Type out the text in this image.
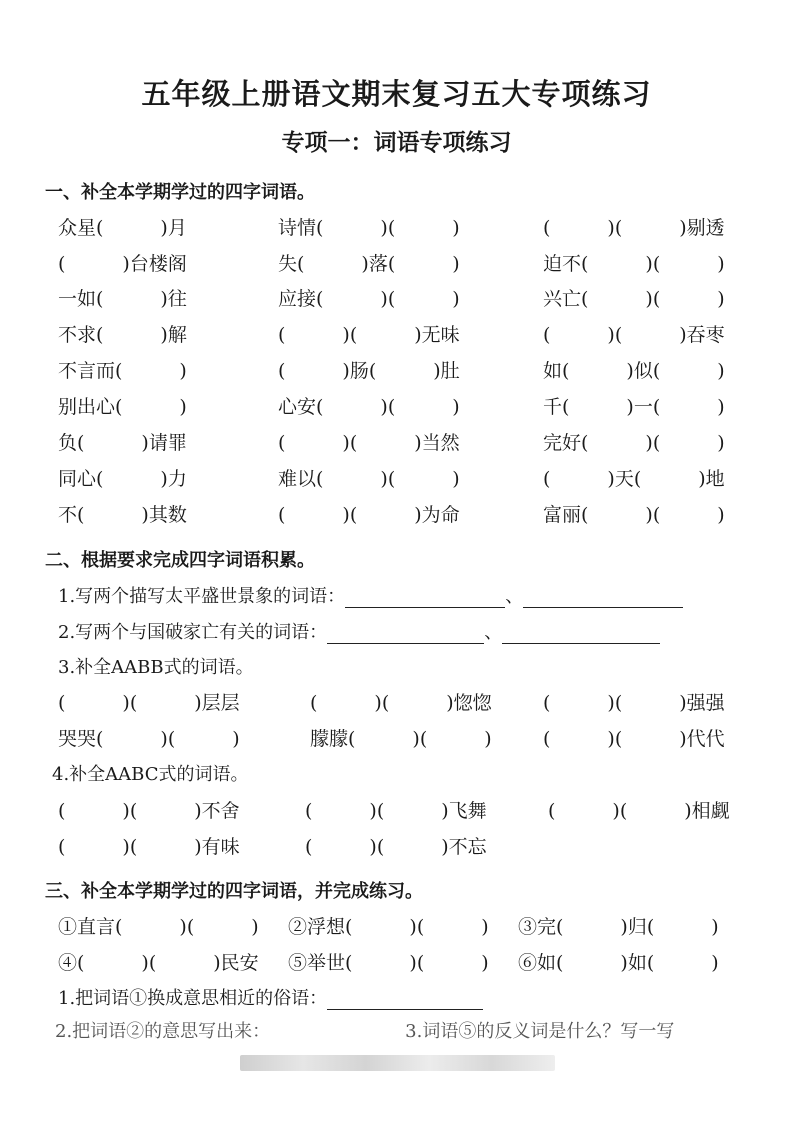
五年级上册语文期末复习五大专项练习
专项一：词语专项练习
一、补全本学期学过的四字词语。
众星(　　　)月	诗情(　　　)(　　　)	(　　　)(　　　)剔透
(　　　)台楼阁	失(　　　)落(　　　)	迫不(　　　)(　　　)
一如(　　　)往	应接(　　　)(　　　)	兴亡(　　　)(　　　)
不求(　　　)解	(　　　)(　　　)无味	(　　　)(　　　)吞枣
不言而(　　　)	(　　　)肠(　　　)肚	如(　　　)似(　　　)
别出心(　　　)	心安(　　　)(　　　)	千(　　　)一(　　　)
负(　　　)请罪	(　　　)(　　　)当然	完好(　　　)(　　　)
同心(　　　)力	难以(　　　)(　　　)	(　　　)天(　　　)地
不(　　　)其数	(　　　)(　　　)为命	富丽(　　　)(　　　)
二、根据要求完成四字词语积累。
1.写两个描写太平盛世景象的词语：	、
2.写两个与国破家亡有关的词语：	、
3.补全AABB式的词语。
(　　　)(　　　)层层	(　　　)(　　　)惚惚	(　　　)(　　　)强强
哭哭(　　　)(　　　)	朦朦(　　　)(　　　)	(　　　)(　　　)代代
4.补全AABC式的词语。
(　　　)(　　　)不舍	(　　　)(　　　)飞舞	(　　　)(　　　)相觑
(　　　)(　　　)有味	(　　　)(　　　)不忘
三、补全本学期学过的四字词语，并完成练习。
①直言(　　　)(　　　) ②浮想(　　　)(　　　) ③完(　　　)归(　　　)
④(　　　)(　　　)民安 ⑤举世(　　　)(　　　) ⑥如(　　　)如(　　　)
1.把词语①换成意思相近的俗语：
2.把词语②的意思写出来：　　　　　　　　3.词语⑤的反义词是什么？写一写
